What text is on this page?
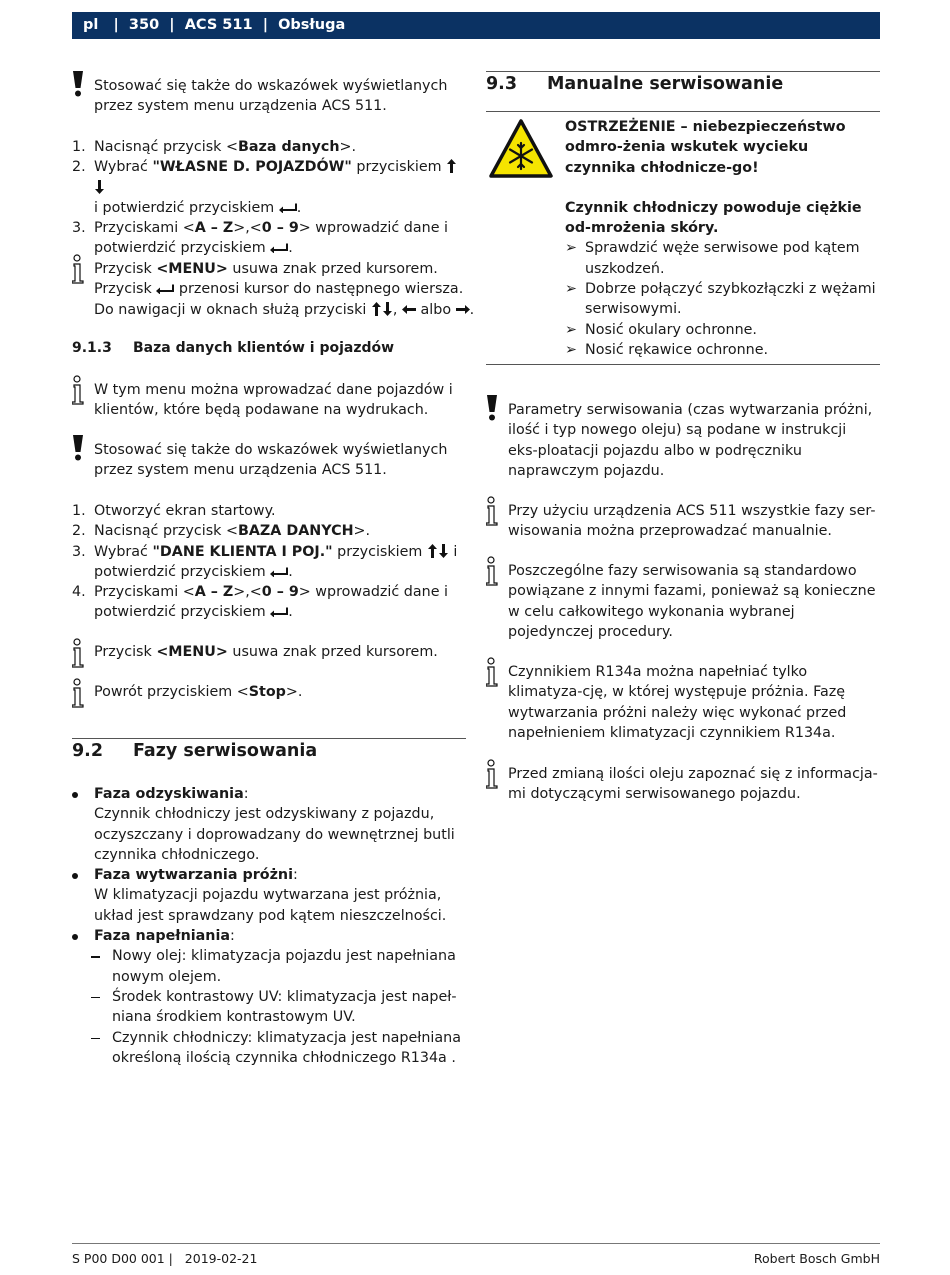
pl   |  350  |  ACS 511  |  Obsługa
Stosować się także do wskazówek wyświetlanych przez system menu urządzenia ACS 511.
1. Nacisnąć przycisk <Baza danych>.
2. Wybrać "WŁASNE D. POJAZDÓW" przyciskiem
i potwierdzić przyciskiem .
3. Przyciskami <A – Z>,<0 – 9> wprowadzić dane i
potwierdzić przyciskiem .
Przycisk <MENU> usuwa znak przed kursorem.
Przycisk  przenosi kursor do następnego wiersza.
Do nawigacji w oknach służą przyciski ,  albo .
9.1.3 Baza danych klientów i pojazdów
W tym menu można wprowadzać dane pojazdów i klientów, które będą podawane na wydrukach.
Stosować się także do wskazówek wyświetlanych przez system menu urządzenia ACS 511.
1. Otworzyć ekran startowy.
2. Nacisnąć przycisk <BAZA DANYCH>.
3. Wybrać "DANE KLIENTA I POJ." przyciskiem  i
potwierdzić przyciskiem .
4. Przyciskami <A – Z>,<0 – 9> wprowadzić dane i
potwierdzić przyciskiem .
Przycisk <MENU> usuwa znak przed kursorem.
Powrót przyciskiem <Stop>.
9.2 Fazy serwisowania
Faza odzyskiwania:
Czynnik chłodniczy jest odzyskiwany z pojazdu, oczyszczany i doprowadzany do wewnętrznej butli czynnika chłodniczego.
Faza wytwarzania próżni:
W klimatyzacji pojazdu wytwarzana jest próżnia, układ jest sprawdzany pod kątem nieszczelności.
Faza napełniania:
Nowy olej: klimatyzacja pojazdu jest napełniana nowym olejem.
Środek kontrastowy UV: klimatyzacja jest napeł-niana środkiem kontrastowym UV.
Czynnik chłodniczy: klimatyzacja jest napełniana określoną ilością czynnika chłodniczego R134a .
9.3 Manualne serwisowanie
OSTRZEŻENIE – niebezpieczeństwo odmro-żenia wskutek wycieku czynnika chłodnicze-go!
Czynnik chłodniczy powoduje ciężkie od-mrożenia skóry.
➢ Sprawdzić węże serwisowe pod kątem uszkodzeń.
➢ Dobrze połączyć szybkozłączki z wężami serwisowymi.
➢ Nosić okulary ochronne.
➢ Nosić rękawice ochronne.
Parametry serwisowania (czas wytwarzania próżni, ilość i typ nowego oleju) są podane w instrukcji eks-ploatacji pojazdu albo w podręczniku naprawczym pojazdu.
Przy użyciu urządzenia ACS 511 wszystkie fazy ser-wisowania można przeprowadzać manualnie.
Poszczególne fazy serwisowania są standardowo powiązane z innymi fazami, ponieważ są konieczne w celu całkowitego wykonania wybranej pojedynczej procedury.
Czynnikiem R134a można napełniać tylko klimatyza-cję, w której występuje próżnia. Fazę wytwarzania próżni należy więc wykonać przed napełnieniem klimatyzacji czynnikiem R134a.
Przed zmianą ilości oleju zapoznać się z informacja-mi dotyczącymi serwisowanego pojazdu.
S P00 D00 001 | 2019-02-21	Robert Bosch GmbH
